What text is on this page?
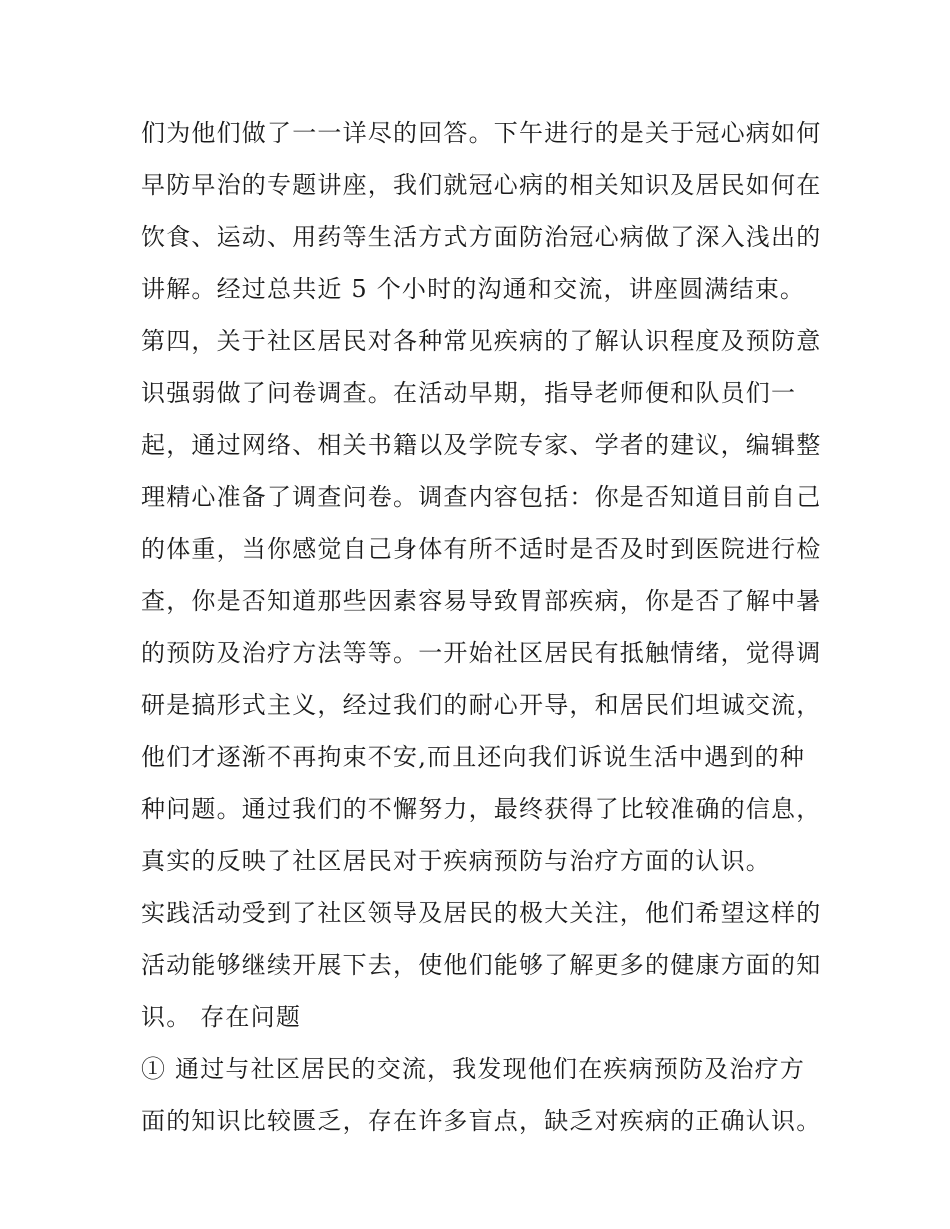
们为他们做了一一详尽的回答。下午进行的是关于冠心病如何
早防早治的专题讲座，我们就冠心病的相关知识及居民如何在
饮食、运动、用药等生活方式方面防治冠心病做了深入浅出的
讲解。经过总共近 5 个小时的沟通和交流，讲座圆满结束。
第四，关于社区居民对各种常见疾病的了解认识程度及预防意
识强弱做了问卷调查。在活动早期，指导老师便和队员们一
起，通过网络、相关书籍以及学院专家、学者的建议，编辑整
理精心准备了调查问卷。调查内容包括：你是否知道目前自己
的体重，当你感觉自己身体有所不适时是否及时到医院进行检
查，你是否知道那些因素容易导致胃部疾病，你是否了解中暑
的预防及治疗方法等等。一开始社区居民有抵触情绪，觉得调
研是搞形式主义，经过我们的耐心开导，和居民们坦诚交流，
他们才逐渐不再拘束不安,而且还向我们诉说生活中遇到的种
种问题。通过我们的不懈努力，最终获得了比较准确的信息，
真实的反映了社区居民对于疾病预防与治疗方面的认识。
实践活动受到了社区领导及居民的极大关注，他们希望这样的
活动能够继续开展下去，使他们能够了解更多的健康方面的知
识。 存在问题
① 通过与社区居民的交流，我发现他们在疾病预防及治疗方
面的知识比较匮乏，存在许多盲点，缺乏对疾病的正确认识。
